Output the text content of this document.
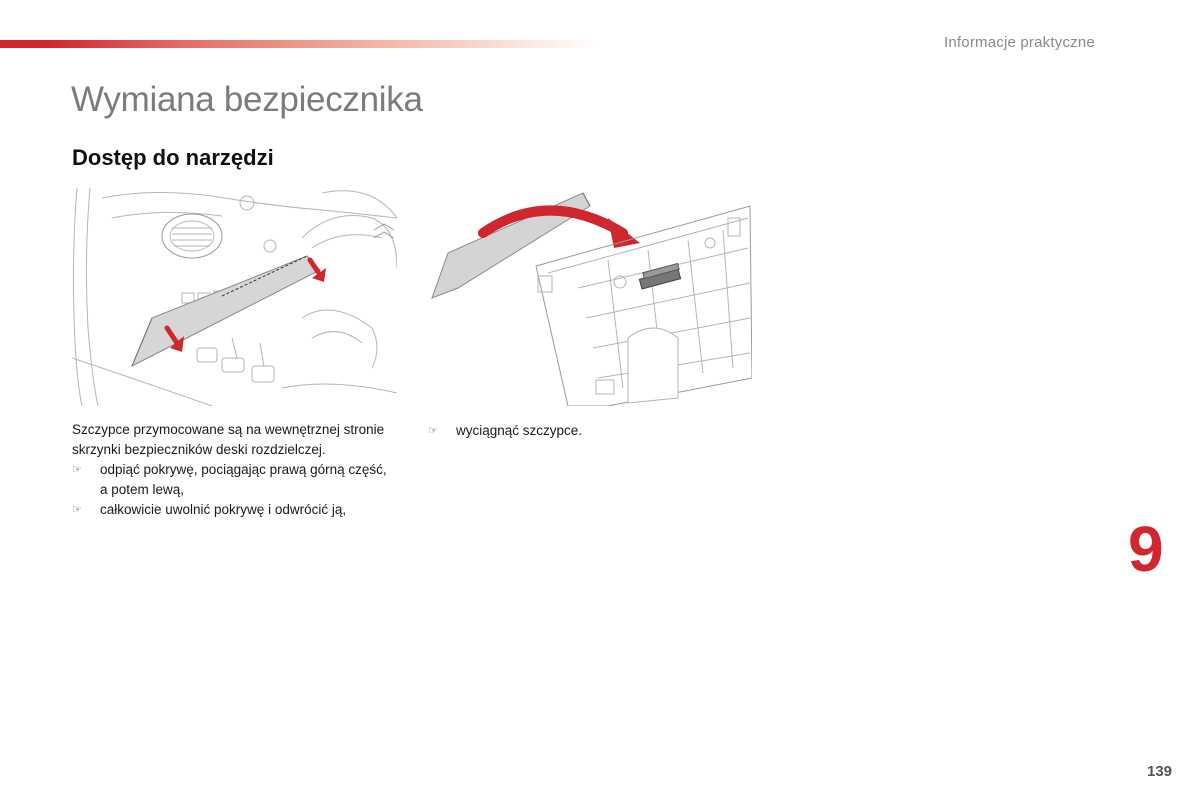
Informacje praktyczne
Wymiana bezpiecznika
Dostęp do narzędzi
Szczypce przymocowane są na wewnętrznej stronie skrzynki bezpieczników deski rozdzielczej.
☞ odpiąć pokrywę, pociągając prawą górną część, a potem lewą,
☞ całkowicie uwolnić pokrywę i odwrócić ją,
☞ wyciągnąć szczypce.
9
139
